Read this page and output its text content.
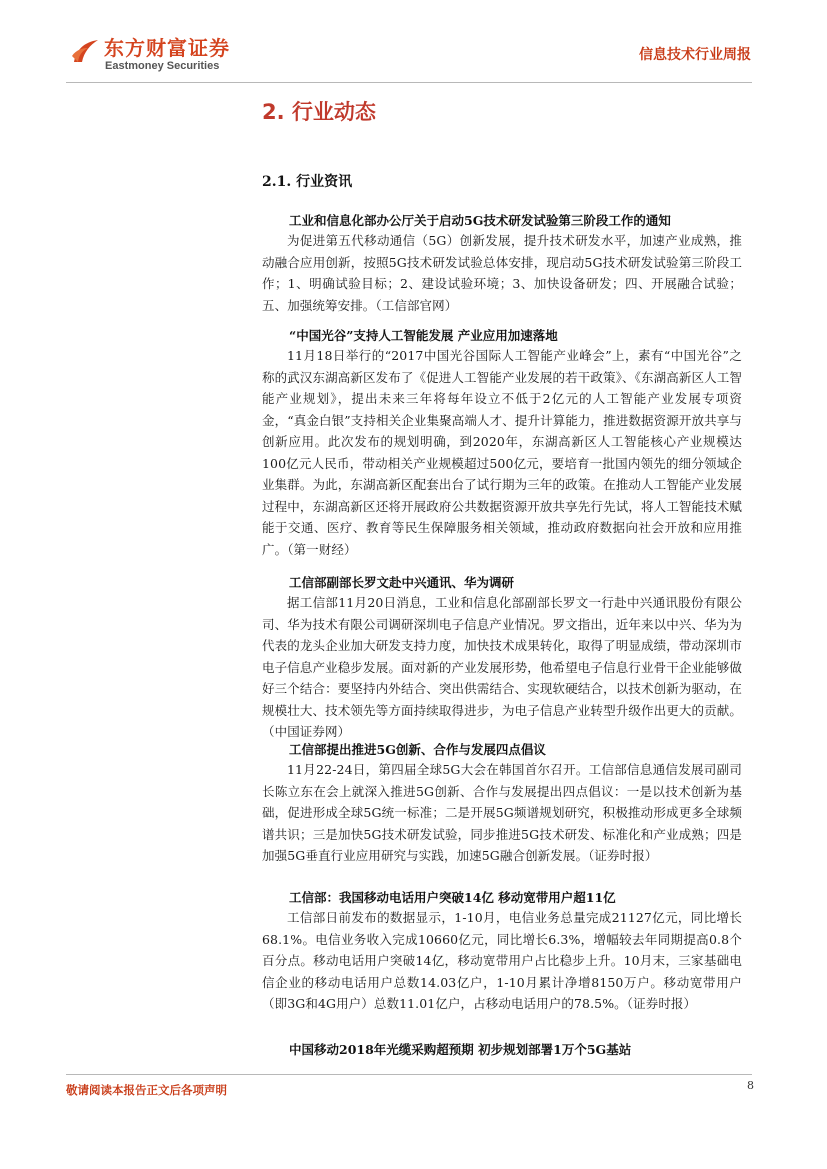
东方财富证券
Eastmoney Securities
信息技术行业周报
2. 行业动态
2.1. 行业资讯
工业和信息化部办公厅关于启动5G技术研发试验第三阶段工作的通知
为促进第五代移动通信（5G）创新发展，提升技术研发水平，加速产业成熟，推动融合应用创新，按照5G技术研发试验总体安排，现启动5G技术研发试验第三阶段工作；1、明确试验目标；2、建设试验环境；3、加快设备研发；四、开展融合试验；五、加强统筹安排。（工信部官网）
“中国光谷”支持人工智能发展 产业应用加速落地
11月18日举行的“2017中国光谷国际人工智能产业峰会”上，素有“中国光谷”之称的武汉东湖高新区发布了《促进人工智能产业发展的若干政策》、《东湖高新区人工智能产业规划》，提出未来三年将每年设立不低于2亿元的人工智能产业发展专项资金，“真金白银”支持相关企业集聚高端人才、提升计算能力，推进数据资源开放共享与创新应用。此次发布的规划明确，到2020年，东湖高新区人工智能核心产业规模达100亿元人民币，带动相关产业规模超过500亿元，要培育一批国内领先的细分领域企业集群。为此，东湖高新区配套出台了试行期为三年的政策。在推动人工智能产业发展过程中，东湖高新区还将开展政府公共数据资源开放共享先行先试，将人工智能技术赋能于交通、医疗、教育等民生保障服务相关领域，推动政府数据向社会开放和应用推广。（第一财经）
工信部副部长罗文赴中兴通讯、华为调研
据工信部11月20日消息，工业和信息化部副部长罗文一行赴中兴通讯股份有限公司、华为技术有限公司调研深圳电子信息产业情况。罗文指出，近年来以中兴、华为为代表的龙头企业加大研发支持力度，加快技术成果转化，取得了明显成绩，带动深圳市电子信息产业稳步发展。面对新的产业发展形势，他希望电子信息行业骨干企业能够做好三个结合：要坚持内外结合、突出供需结合、实现软硬结合，以技术创新为驱动，在规模壮大、技术领先等方面持续取得进步，为电子信息产业转型升级作出更大的贡献。（中国证券网）
工信部提出推进5G创新、合作与发展四点倡议
11月22-24日，第四届全球5G大会在韩国首尔召开。工信部信息通信发展司副司长陈立东在会上就深入推进5G创新、合作与发展提出四点倡议：一是以技术创新为基础，促进形成全球5G统一标准；二是开展5G频谱规划研究，积极推动形成更多全球频谱共识；三是加快5G技术研发试验，同步推进5G技术研发、标准化和产业成熟；四是加强5G垂直行业应用研究与实践，加速5G融合创新发展。（证券时报）
工信部：我国移动电话用户突破14亿 移动宽带用户超11亿
工信部日前发布的数据显示，1-10月，电信业务总量完成21127亿元，同比增长68.1%。电信业务收入完成10660亿元，同比增长6.3%，增幅较去年同期提高0.8个百分点。移动电话用户突破14亿，移动宽带用户占比稳步上升。10月末，三家基础电信企业的移动电话用户总数14.03亿户，1-10月累计净增8150万户。移动宽带用户（即3G和4G用户）总数11.01亿户，占移动电话用户的78.5%。（证券时报）
中国移动2018年光缆采购超预期 初步规划部署1万个5G基站
敬请阅读本报告正文后各项声明	8
